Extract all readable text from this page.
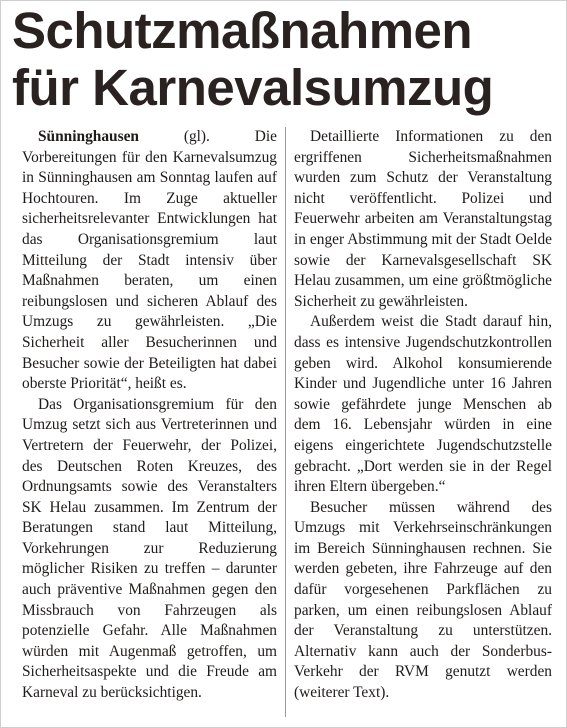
Schutzmaßnahmen
für Karnevalsumzug

Sünninghausen	(gl).	Die Vorbereitungen für den Karnevalsumzug in Sünninghausen am Sonntag laufen auf Hochtouren. Im Zuge aktueller sicherheitsrelevanter Entwicklungen hat das Organisationsgremium laut Mitteilung der Stadt intensiv über Maßnahmen beraten, um einen reibungslosen und sicheren Ablauf des Umzugs zu gewährleisten. „Die Sicherheit aller Besucherinnen und Besucher sowie der Beteiligten hat dabei oberste Priorität“, heißt es.

Das Organisationsgremium für den Umzug setzt sich aus Vertreterinnen und Vertretern der Feuerwehr, der Polizei, des Deutschen Roten Kreuzes, des Ordnungsamts sowie des Veranstalters SK Helau zusammen. Im Zentrum der Beratungen stand laut Mitteilung, Vorkehrungen zur Reduzierung möglicher Risiken zu treffen – darunter auch präventive Maßnahmen gegen den Missbrauch von Fahrzeugen als potenzielle Gefahr. Alle Maßnahmen würden mit Augenmaß getroffen, um Sicherheitsaspekte und die Freude am Karneval zu berücksichtigen.

Detaillierte Informationen zu den ergriffenen Sicherheitsmaßnahmen wurden zum Schutz der Veranstaltung nicht veröffentlicht. Polizei und Feuerwehr arbeiten am Veranstaltungstag in enger Abstimmung mit der Stadt Oelde sowie der Karnevalsgesellschaft SK Helau zusammen, um eine größtmögliche Sicherheit zu gewährleisten.

Außerdem weist die Stadt darauf hin, dass es intensive Jugendschutzkontrollen geben wird. Alkohol konsumierende Kinder und Jugendliche unter 16 Jahren sowie gefährdete junge Menschen ab dem 16. Lebensjahr würden in eine eigens eingerichtete Jugendschutzstelle gebracht. „Dort werden sie in der Regel ihren Eltern übergeben.“

Besucher müssen während des Umzugs mit Verkehrseinschränkungen im Bereich Sünninghausen rechnen. Sie werden gebeten, ihre Fahrzeuge auf den dafür vorgesehenen Parkflächen zu parken, um einen reibungslosen Ablauf der Veranstaltung zu unterstützen. Alternativ kann auch der Sonderbus-Verkehr der RVM genutzt werden (weiterer Text).
